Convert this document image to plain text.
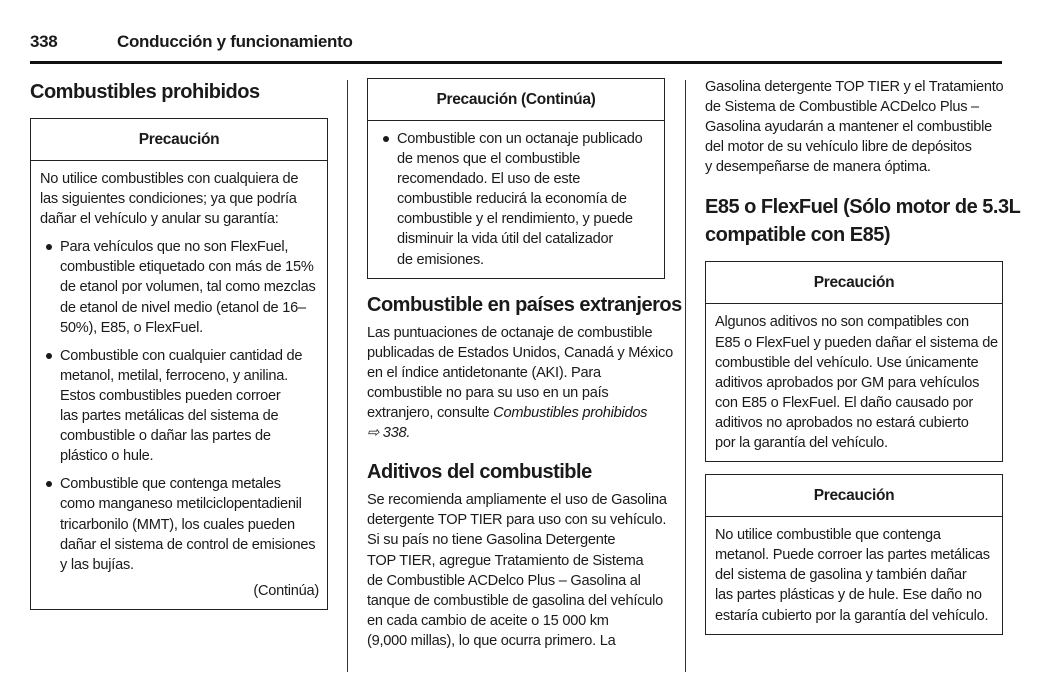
338	Conducción y funcionamiento
Combustibles prohibidos
Precaución
No utilice combustibles con cualquiera de
las siguientes condiciones; ya que podría
dañar el vehículo y anular su garantía:
Para vehículos que no son FlexFuel,
combustible etiquetado con más de 15%
de etanol por volumen, tal como mezclas
de etanol de nivel medio (etanol de 16–
50%), E85, o FlexFuel.
Combustible con cualquier cantidad de
metanol, metilal, ferroceno, y anilina.
Estos combustibles pueden corroer
las partes metálicas del sistema de
combustible o dañar las partes de
plástico o hule.
Combustible que contenga metales
como manganeso metilciclopentadienil
tricarbonilo (MMT), los cuales pueden
dañar el sistema de control de emisiones
y las bujías.
(Continúa)
Precaución (Continúa)
Combustible con un octanaje publicado
de menos que el combustible
recomendado. El uso de este
combustible reducirá la economía de
combustible y el rendimiento, y puede
disminuir la vida útil del catalizador
de emisiones.
Combustible en países extranjeros
Las puntuaciones de octanaje de combustible
publicadas de Estados Unidos, Canadá y México
en el índice antidetonante (AKI). Para
combustible no para su uso en un país
extranjero, consulte Combustibles prohibidos
⇨ 338.
Aditivos del combustible
Se recomienda ampliamente el uso de Gasolina
detergente TOP TIER para uso con su vehículo.
Si su país no tiene Gasolina Detergente
TOP TIER, agregue Tratamiento de Sistema
de Combustible ACDelco Plus – Gasolina al
tanque de combustible de gasolina del vehículo
en cada cambio de aceite o 15 000 km
(9,000 millas), lo que ocurra primero. La
Gasolina detergente TOP TIER y el Tratamiento
de Sistema de Combustible ACDelco Plus –
Gasolina ayudarán a mantener el combustible
del motor de su vehículo libre de depósitos
y desempeñarse de manera óptima.
E85 o FlexFuel (Sólo motor de 5.3L
compatible con E85)
Precaución
Algunos aditivos no son compatibles con
E85 o FlexFuel y pueden dañar el sistema de
combustible del vehículo. Use únicamente
aditivos aprobados por GM para vehículos
con E85 o FlexFuel. El daño causado por
aditivos no aprobados no estará cubierto
por la garantía del vehículo.
Precaución
No utilice combustible que contenga
metanol. Puede corroer las partes metálicas
del sistema de gasolina y también dañar
las partes plásticas y de hule. Ese daño no
estaría cubierto por la garantía del vehículo.
